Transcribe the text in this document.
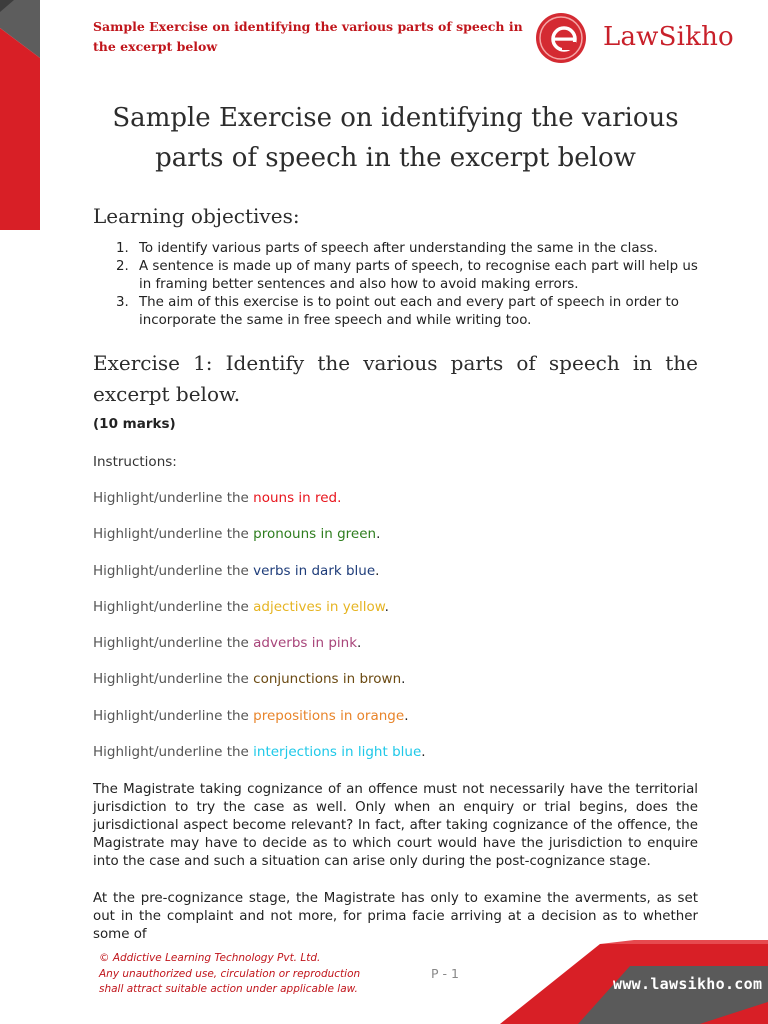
Sample Exercise on identifying the various parts of speech in the excerpt below	LawSikho
Sample Exercise on identifying the various parts of speech in the excerpt below
Learning objectives:
1. To identify various parts of speech after understanding the same in the class.
2. A sentence is made up of many parts of speech, to recognise each part will help us in framing better sentences and also how to avoid making errors.
3. The aim of this exercise is to point out each and every part of speech in order to incorporate the same in free speech and while writing too.
Exercise 1: Identify the various parts of speech in the excerpt below.
(10 marks)
Instructions:
Highlight/underline the nouns in red.
Highlight/underline the pronouns in green.
Highlight/underline the verbs in dark blue.
Highlight/underline the adjectives in yellow.
Highlight/underline the adverbs in pink.
Highlight/underline the conjunctions in brown.
Highlight/underline the prepositions in orange.
Highlight/underline the interjections in light blue.

The Magistrate taking cognizance of an offence must not necessarily have the territorial jurisdiction to try the case as well. Only when an enquiry or trial begins, does the jurisdictional aspect become relevant? In fact, after taking cognizance of the offence, the Magistrate may have to decide as to which court would have the jurisdiction to enquire into the case and such a situation can arise only during the post-cognizance stage.

At the pre-cognizance stage, the Magistrate has only to examine the averments, as set out in the complaint and not more, for prima facie arriving at a decision as to whether some of

© Addictive Learning Technology Pvt. Ltd.
Any unauthorized use, circulation or reproduction
shall attract suitable action under applicable law.
P - 1
www.lawsikho.com
